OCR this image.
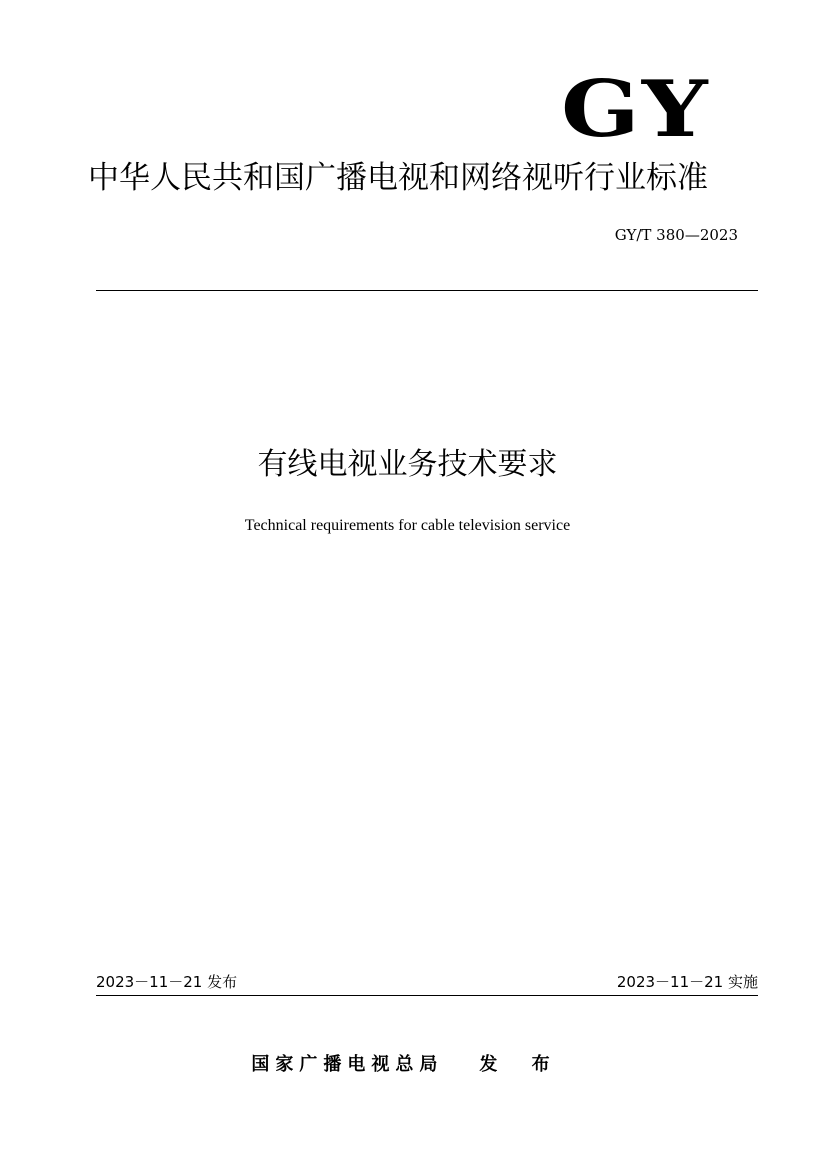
GY
中华人民共和国广播电视和网络视听行业标准
GY/T 380—2023
有线电视业务技术要求
Technical requirements for cable television service
2023－11－21 发布	2023－11－21 实施
国家广播电视总局 发 布
